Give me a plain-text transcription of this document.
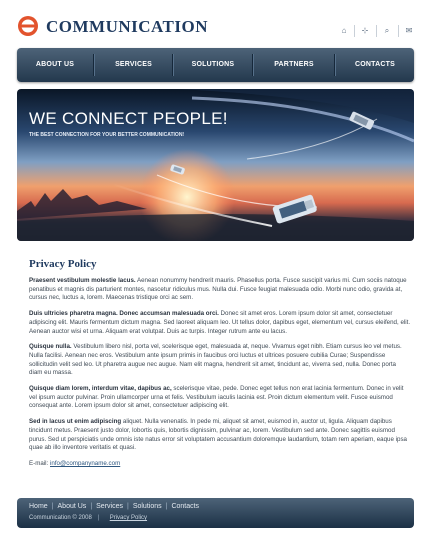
COMMUNICATION	⌂	⊹	⌕	✉
ABOUT US	SERVICES	SOLUTIONS	PARTNERS	CONTACTS
WE CONNECT PEOPLE!
THE BEST CONNECTION FOR YOUR BETTER COMMUNICATION!
Privacy Policy
Praesent vestibulum molestie lacus. Aenean nonummy hendrerit mauris. Phasellus porta. Fusce suscipit varius mi. Cum sociis natoque penatibus et magnis dis parturient montes, nascetur ridiculus mus. Nulla dui. Fusce feugiat malesuada odio. Morbi nunc odio, gravida at, cursus nec, luctus a, lorem. Maecenas tristique orci ac sem.
Duis ultricies pharetra magna. Donec accumsan malesuada orci. Donec sit amet eros. Lorem ipsum dolor sit amet, consectetuer adipiscing elit. Mauris fermentum dictum magna. Sed laoreet aliquam leo. Ut tellus dolor, dapibus eget, elementum vel, cursus eleifend, elit. Aenean auctor wisi et urna. Aliquam erat volutpat. Duis ac turpis. Integer rutrum ante eu lacus.
Quisque nulla. Vestibulum libero nisl, porta vel, scelerisque eget, malesuada at, neque. Vivamus eget nibh. Etiam cursus leo vel metus. Nulla facilisi. Aenean nec eros. Vestibulum ante ipsum primis in faucibus orci luctus et ultrices posuere cubilia Curae; Suspendisse sollicitudin velit sed leo. Ut pharetra augue nec augue. Nam elit magna, hendrerit sit amet, tincidunt ac, viverra sed, nulla. Donec porta diam eu massa.
Quisque diam lorem, interdum vitae, dapibus ac, scelerisque vitae, pede. Donec eget tellus non erat lacinia fermentum. Donec in velit vel ipsum auctor pulvinar. Proin ullamcorper urna et felis. Vestibulum iaculis lacinia est. Proin dictum elementum velit. Fusce euismod consequat ante. Lorem ipsum dolor sit amet, consectetuer adipiscing elit.
Sed in lacus ut enim adipiscing aliquet. Nulla venenatis. In pede mi, aliquet sit amet, euismod in, auctor ut, ligula. Aliquam dapibus tincidunt metus. Praesent justo dolor, lobortis quis, lobortis dignissim, pulvinar ac, lorem. Vestibulum sed ante. Donec sagittis euismod purus. Sed ut perspiciatis unde omnis iste natus error sit voluptatem accusantium doloremque laudantium, totam rem aperiam, eaque ipsa quae ab illo inventore veritatis et quasi.
E-mail: info@companyname.com
Home | About Us | Services | Solutions | Contacts
Communication © 2008 | Privacy Policy
